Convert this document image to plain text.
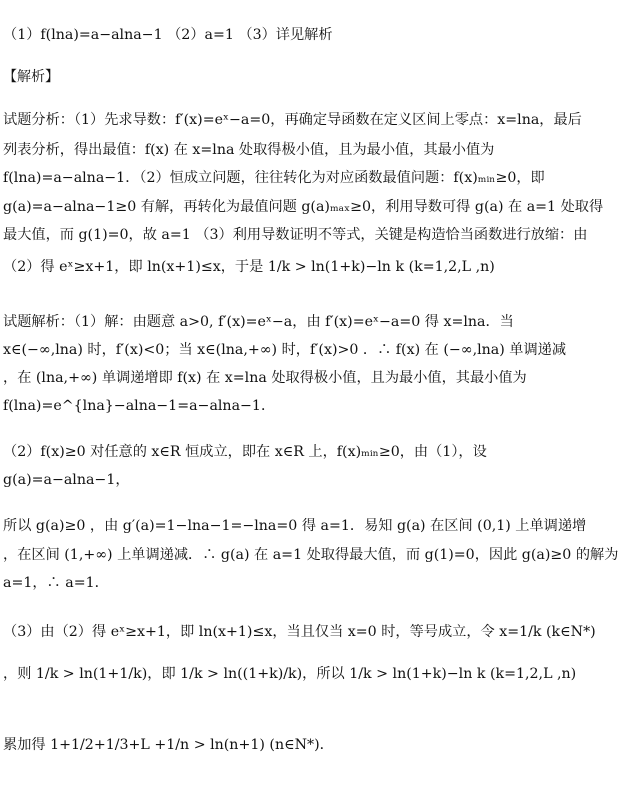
（1）f(lna)=a−alna−1 （2）a=1 （3）详见解析
【解析】
试题分析：（1）先求导数：f′(x)=eˣ−a=0，再确定导函数在定义区间上零点：x=lna，最后
列表分析，得出最值：f(x) 在 x=lna 处取得极小值，且为最小值，其最小值为
f(lna)=a−alna−1．（2）恒成立问题，往往转化为对应函数最值问题：f(x)ₘᵢₙ≥0，即
g(a)=a−alna−1≥0 有解，再转化为最值问题 g(a)ₘₐₓ≥0，利用导数可得 g(a) 在 a=1 处取得
最大值，而 g(1)=0，故 a=1 （3）利用导数证明不等式，关键是构造恰当函数进行放缩：由
（2）得 eˣ≥x+1，即 ln(x+1)≤x，于是 1/k > ln(1+k)−ln k (k=1,2,L ,n)
试题解析：（1）解：由题意 a>0, f′(x)=eˣ−a，由 f′(x)=eˣ−a=0 得 x=lna．当
x∈(−∞,lna) 时，f′(x)<0；当 x∈(lna,+∞) 时，f′(x)>0 ．∴ f(x) 在 (−∞,lna) 单调递减
，在 (lna,+∞) 单调递增即 f(x) 在 x=lna 处取得极小值，且为最小值，其最小值为
f(lna)=e^{lna}−alna−1=a−alna−1．
（2）f(x)≥0 对任意的 x∈R 恒成立，即在 x∈R 上，f(x)ₘᵢₙ≥0，由（1），设
g(a)=a−alna−1，
所以 g(a)≥0 ，由 g′(a)=1−lna−1=−lna=0 得 a=1．易知 g(a) 在区间 (0,1) 上单调递增
，在区间 (1,+∞) 上单调递减．∴ g(a) 在 a=1 处取得最大值，而 g(1)=0，因此 g(a)≥0 的解为
a=1，∴ a=1．
（3）由（2）得 eˣ≥x+1，即 ln(x+1)≤x，当且仅当 x=0 时，等号成立，令 x=1/k (k∈N*)
，则 1/k > ln(1+1/k)，即 1/k > ln((1+k)/k)，所以 1/k > ln(1+k)−ln k (k=1,2,L ,n)
累加得 1+1/2+1/3+L +1/n > ln(n+1) (n∈N*)．
